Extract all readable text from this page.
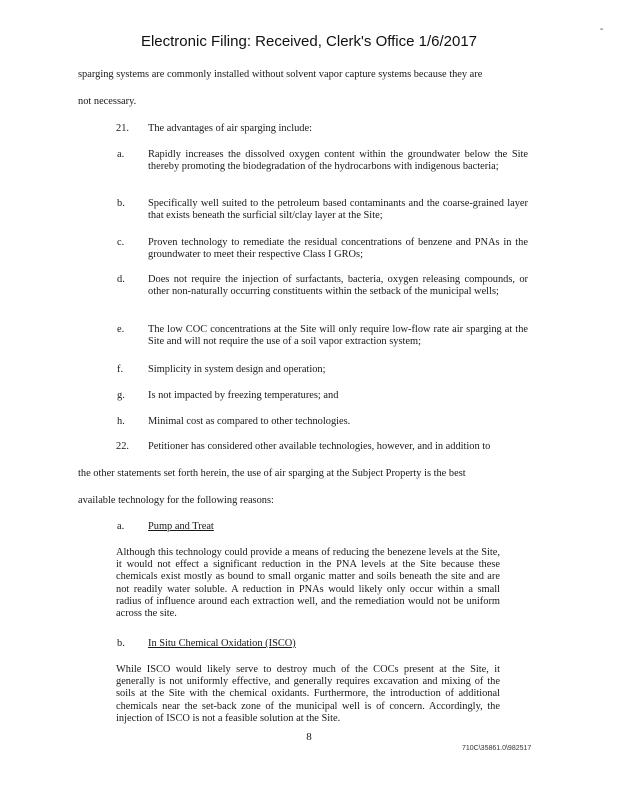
Electronic Filing: Received, Clerk's Office 1/6/2017
-
sparging systems are commonly installed without solvent vapor capture systems because they are
not necessary.
21. The advantages of air sparging include:
a. Rapidly increases the dissolved oxygen content within the groundwater below the Site thereby promoting the biodegradation of the hydrocarbons with indigenous bacteria;
b. Specifically well suited to the petroleum based contaminants and the coarse-grained layer that exists beneath the surficial silt/clay layer at the Site;
c. Proven technology to remediate the residual concentrations of benzene and PNAs in the groundwater to meet their respective Class I GROs;
d. Does not require the injection of surfactants, bacteria, oxygen releasing compounds, or other non-naturally occurring constituents within the setback of the municipal wells;
e. The low COC concentrations at the Site will only require low-flow rate air sparging at the Site and will not require the use of a soil vapor extraction system;
f. Simplicity in system design and operation;
g. Is not impacted by freezing temperatures; and
h. Minimal cost as compared to other technologies.
22. Petitioner has considered other available technologies, however, and in addition to
the other statements set forth herein, the use of air sparging at the Subject Property is the best
available technology for the following reasons:
a. Pump and Treat
Although this technology could provide a means of reducing the benezene levels at the Site, it would not effect a significant reduction in the PNA levels at the Site because these chemicals exist mostly as bound to small organic matter and soils beneath the site and are not readily water soluble. A reduction in PNAs would likely only occur within a small radius of influence around each extraction well, and the remediation would not be uniform across the site.
b. In Situ Chemical Oxidation (ISCO)
While ISCO would likely serve to destroy much of the COCs present at the Site, it generally is not uniformly effective, and generally requires excavation and mixing of the soils at the Site with the chemical oxidants. Furthermore, the introduction of additional chemicals near the set-back zone of the municipal well is of concern. Accordingly, the injection of ISCO is not a feasible solution at the Site.
8
710C\35861.0\982517
